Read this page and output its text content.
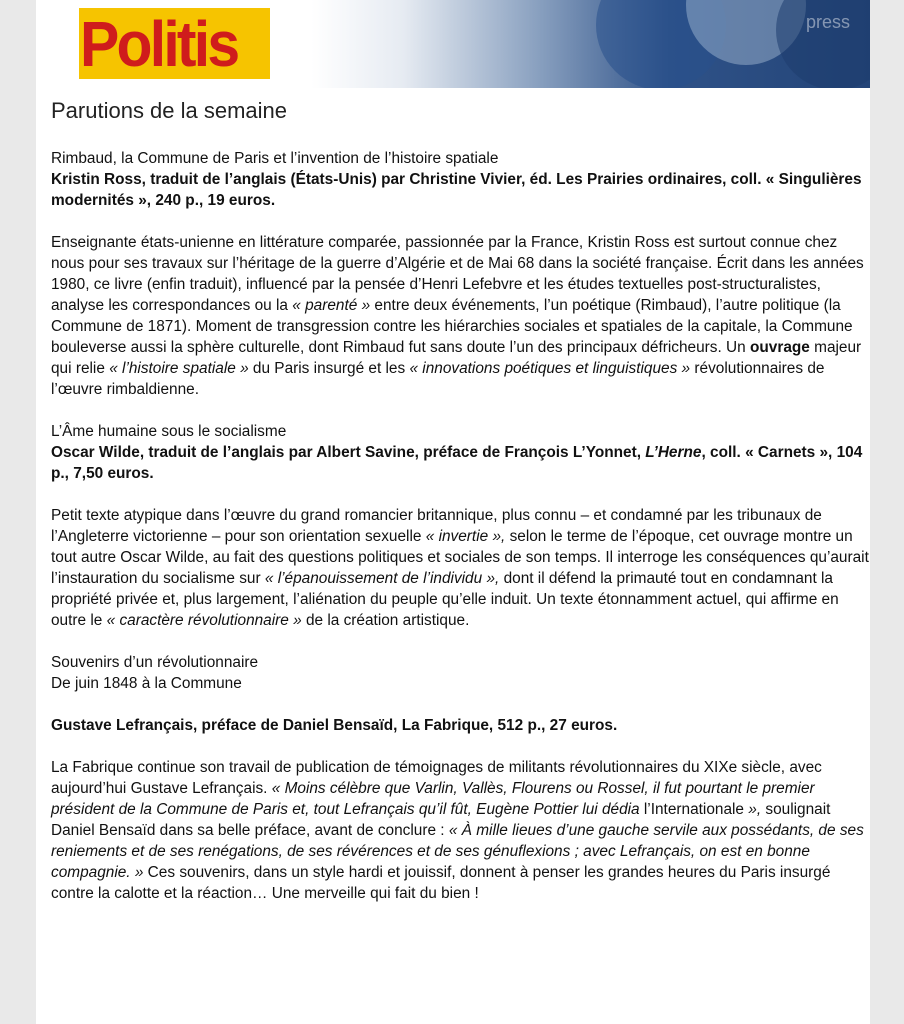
press
Politis
Parutions de la semaine

Rimbaud, la Commune de Paris et l’invention de l’histoire spatiale
Kristin Ross, traduit de l’anglais (États-Unis) par Christine Vivier, éd. Les Prairies ordinaires, coll. « Singulières modernités », 240 p., 19 euros.

Enseignante états-unienne en littérature comparée, passionnée par la France, Kristin Ross est surtout connue chez nous pour ses travaux sur l’héritage de la guerre d’Algérie et de Mai 68 dans la société française. Écrit dans les années 1980, ce livre (enfin traduit), influencé par la pensée d’Henri Lefebvre et les études textuelles post-structuralistes, analyse les correspondances ou la « parenté » entre deux événements, l’un poétique (Rimbaud), l’autre politique (la Commune de 1871). Moment de transgression contre les hiérarchies sociales et spatiales de la capitale, la Commune bouleverse aussi la sphère culturelle, dont Rimbaud fut sans doute l’un des principaux défricheurs. Un ouvrage majeur qui relie « l’histoire spatiale » du Paris insurgé et les « innovations poétiques et linguistiques » révolutionnaires de l’œuvre rimbaldienne.

L’Âme humaine sous le socialisme
Oscar Wilde, traduit de l’anglais par Albert Savine, préface de François L’Yonnet, L’Herne, coll. « Carnets », 104 p., 7,50 euros.

Petit texte atypique dans l’œuvre du grand romancier britannique, plus connu – et condamné par les tribunaux de l’Angleterre victorienne – pour son orientation sexuelle « invertie », selon le terme de l’époque, cet ouvrage montre un tout autre Oscar Wilde, au fait des questions politiques et sociales de son temps. Il interroge les conséquences qu’aurait l’instauration du socialisme sur « l’épanouissement de l’individu », dont il défend la primauté tout en condamnant la propriété privée et, plus largement, l’aliénation du peuple qu’elle induit. Un texte étonnamment actuel, qui affirme en outre le « caractère révolutionnaire » de la création artistique.

Souvenirs d’un révolutionnaire
De juin 1848 à la Commune

Gustave Lefrançais, préface de Daniel Bensaïd, La Fabrique, 512 p., 27 euros.

La Fabrique continue son travail de publication de témoignages de militants révolutionnaires du XIXe siècle, avec aujourd’hui Gustave Lefrançais. « Moins célèbre que Varlin, Vallès, Flourens ou Rossel, il fut pourtant le premier président de la Commune de Paris et, tout Lefrançais qu’il fût, Eugène Pottier lui dédia l’Internationale », soulignait Daniel Bensaïd dans sa belle préface, avant de conclure : « À mille lieues d’une gauche servile aux possédants, de ses reniements et de ses renégations, de ses révérences et de ses génuflexions ; avec Lefrançais, on est en bonne compagnie. » Ces souvenirs, dans un style hardi et jouissif, donnent à penser les grandes heures du Paris insurgé contre la calotte et la réaction… Une merveille qui fait du bien !
